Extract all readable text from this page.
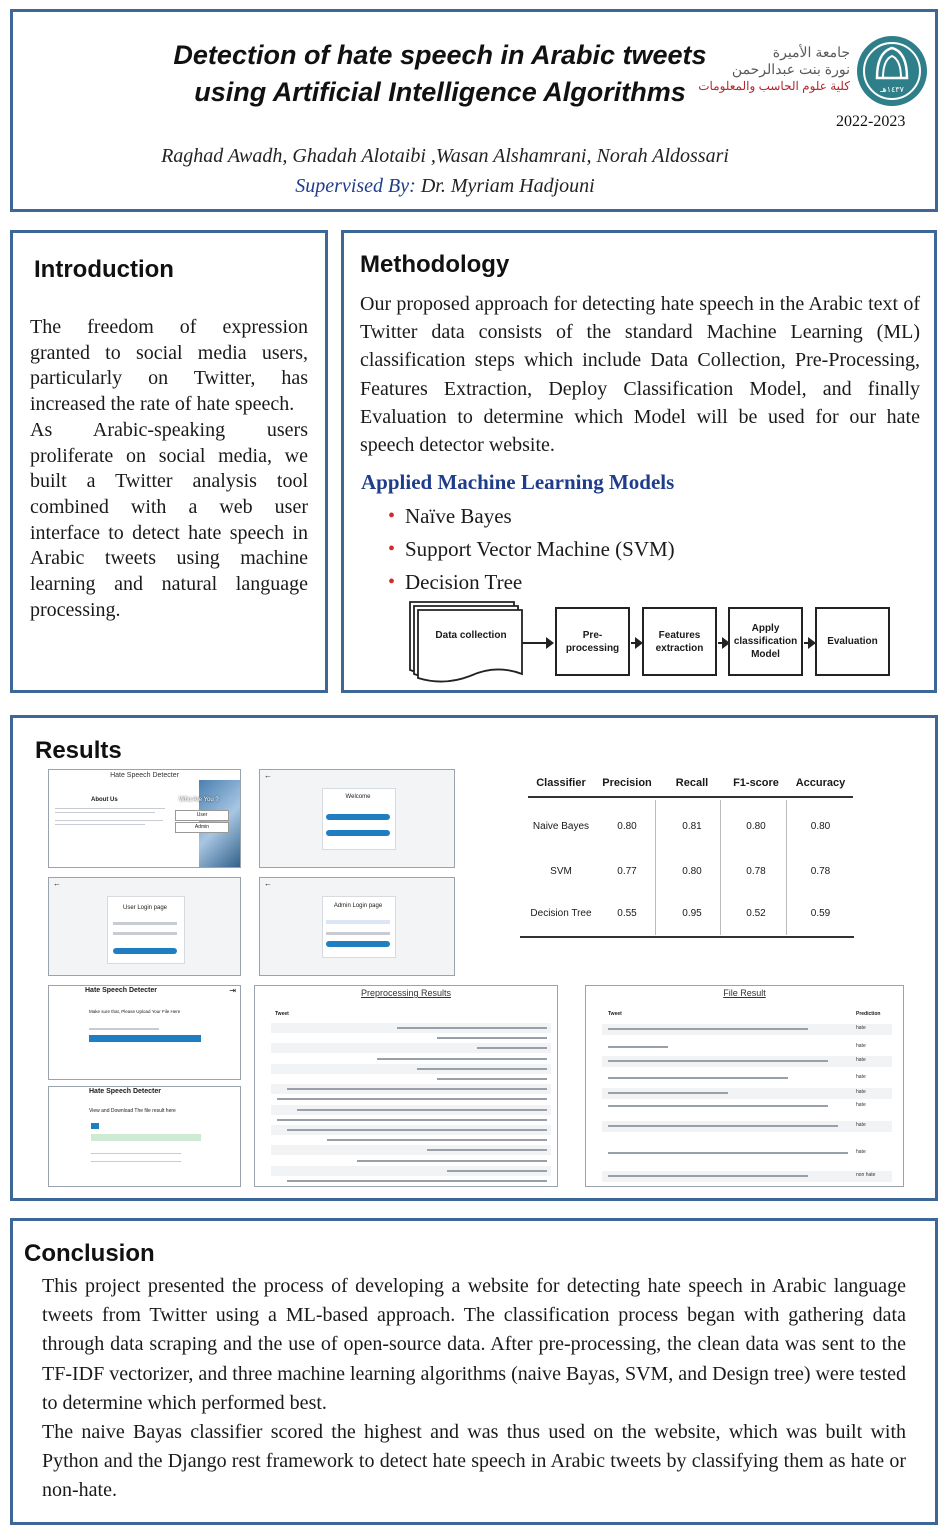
Detection of hate speech in Arabic tweets
using Artificial Intelligence Algorithms
جامعة الأميرة
نورة بنت عبدالرحمن
كلية علوم الحاسب والمعلومات	١٤٣٧هـ
2022-2023
Raghad Awadh, Ghadah Alotaibi ,Wasan Alshamrani, Norah Aldossari
Supervised By: Dr. Myriam Hadjouni
Introduction
The freedom of expression granted to social media users, particularly on Twitter, has increased the rate of hate speech.
As Arabic-speaking users proliferate on social media, we built a Twitter analysis tool combined with a web user interface to detect hate speech in Arabic tweets using machine learning and natural language processing.
Methodology
Our proposed approach for detecting hate speech in the Arabic text of Twitter data consists of the standard Machine Learning (ML) classification steps which include Data Collection, Pre-Processing, Features Extraction, Deploy Classification Model, and finally Evaluation to determine which Model will be used for our hate speech detector website.
Applied Machine Learning Models
• Naïve Bayes
• Support Vector Machine (SVM)
• Decision Tree
Data collection	Pre-processing
Features extraction
Apply classification Model
Evaluation
Results
Hate Speech Detecter
About Us	Who Are You ?
User
Admin
←
Welcome
←
User Login page
←
Admin Login page
Hate Speech Detecter	⇥
Make sure that, Please Upload Your File Here
Hate Speech Detecter
View and Download The file result here
Preprocessing Results
Tweet
File Result
Tweet	Prediction
hate
hate
hate
hate
hate
hate
hate
hate
non hate
Classifier	Precision	Recall	F1-score	Accuracy
Naive Bayes	0.80	0.81	0.80	0.80
SVM	0.77	0.80	0.78	0.78
Decision Tree	0.55	0.95	0.52	0.59
Conclusion
This project presented the process of developing a website for detecting hate speech in Arabic language tweets from Twitter using a ML-based approach. The classification process began with gathering data through data scraping and the use of open-source data. After pre-processing, the clean data was sent to the TF-IDF vectorizer, and three machine learning algorithms (naive Bayas, SVM, and Design tree) were tested to determine which performed best.
The naive Bayas classifier scored the highest and was thus used on the website, which was built with Python and the Django rest framework to detect hate speech in Arabic tweets by classifying them as hate or non-hate.
